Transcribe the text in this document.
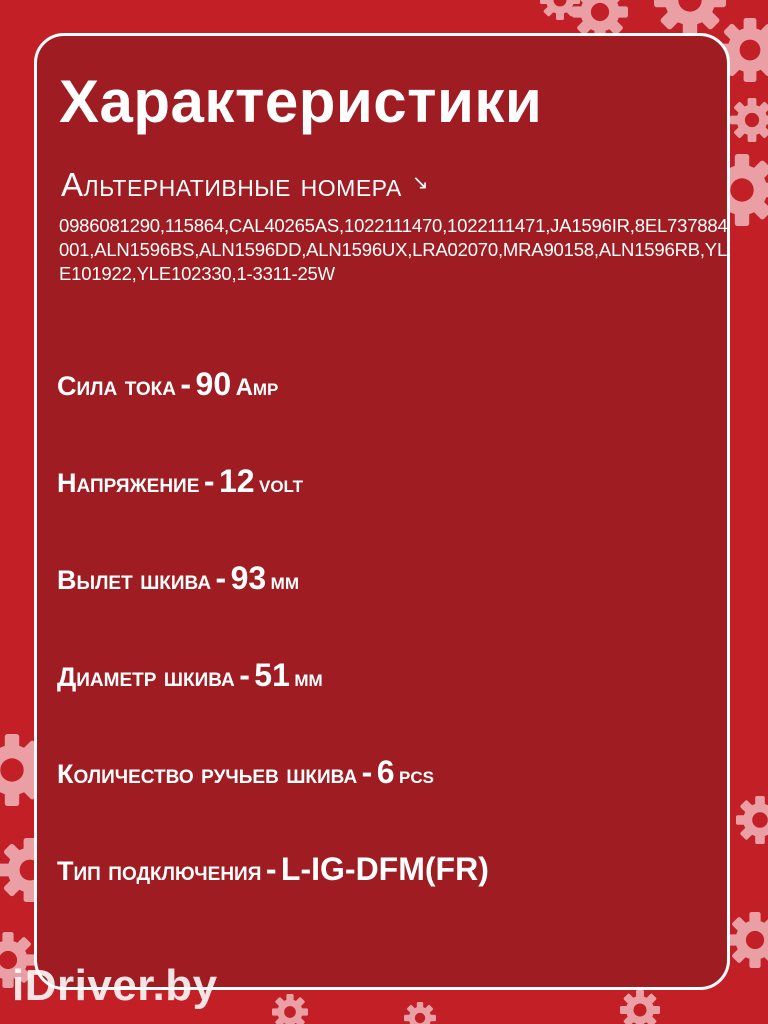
Характеристики
Альтернативные номера ↘
0986081290,115864,CAL40265AS,1022111470,1022111471,JA1596IR,8EL737884001,ALN1596BS,ALN1596DD,ALN1596UX,LRA02070,MRA90158,ALN1596RB,YLE101922,YLE102330,1-3311-25W
Сила тока - 90 Amp
Напряжение - 12 volt
Вылет шкива - 93 мм
Диаметр шкива - 51 мм
Количество ручьев шкива - 6 pcs
Тип подключения - L-IG-DFM(FR)
iDriver.by
